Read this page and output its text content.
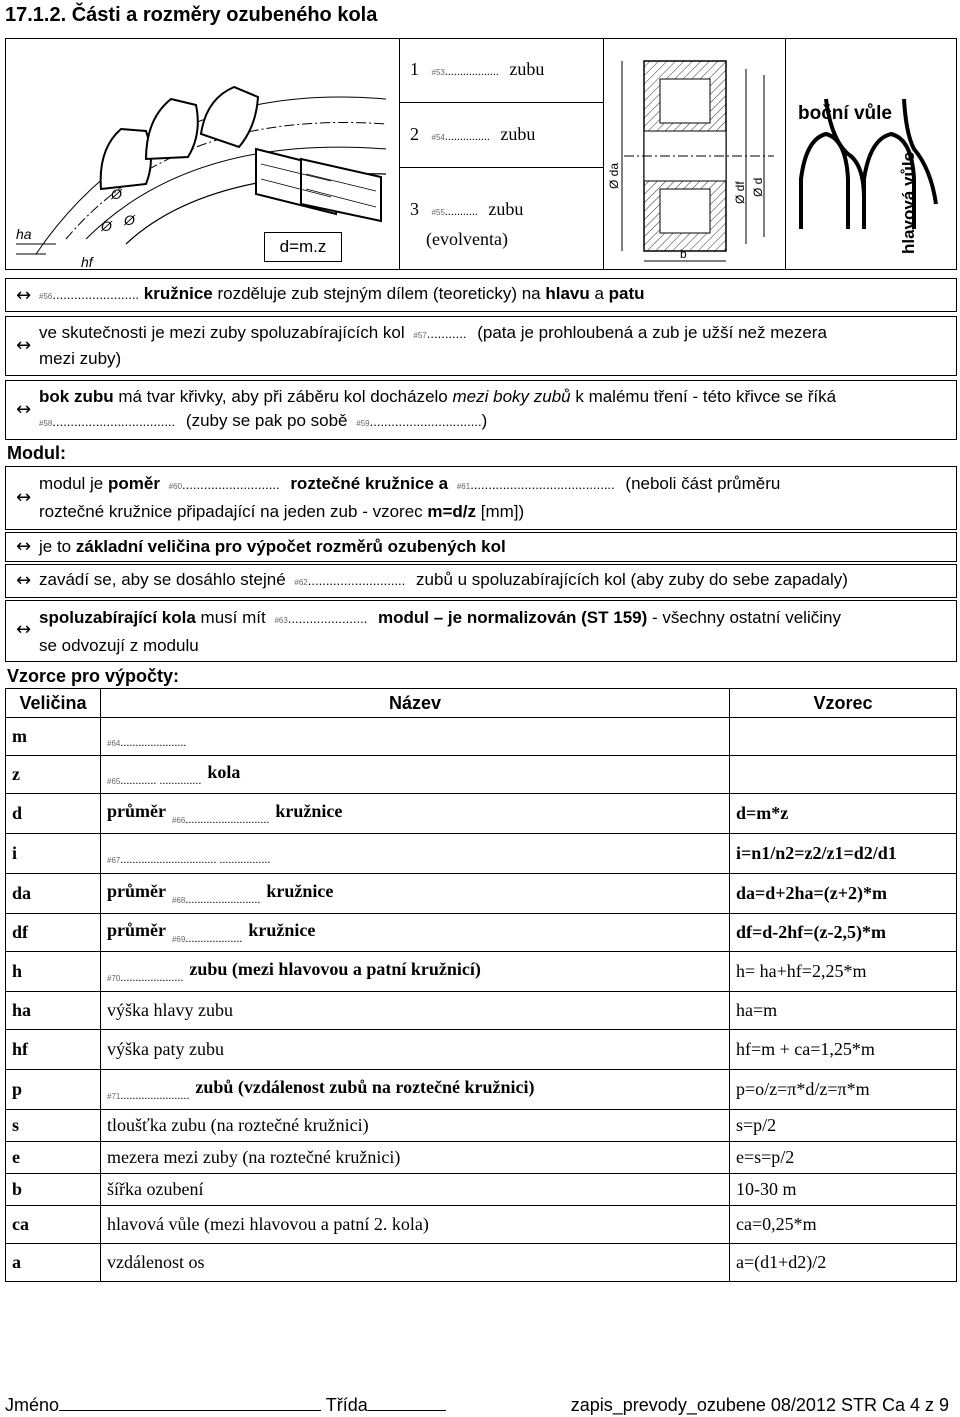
17.1.2. Části a rozměry ozubeného kola
ha
hf
Ø
Ø
Ø
d=m.z
1 #53.................. zubu
2 #54............... zubu
3 #55........... zubu
(evolventa)
Ø da
Ø df Ø d
b
boční vůle
hlavová vůle
↔ #56........................ kružnice rozděluje zub stejným dílem (teoreticky) na hlavu a patu
↔
ve skutečnosti je mezi zuby spoluzabírajících kol #57........... (pata je prohloubená a zub je užší než mezera
mezi zuby)
↔
bok zubu má tvar křivky, aby při záběru kol docházelo mezi boky zubů k malému tření - této křivce se říká
#58.................................. (zuby se pak po sobě #59...............................)
Modul:
↔
modul je poměr #60........................... roztečné kružnice a #61........................................ (neboli část průměru
roztečné kružnice připadající na jeden zub - vzorec m=d/z [mm])
↔ je to základní veličina pro výpočet rozměrů ozubených kol
↔ zavádí se, aby se dosáhlo stejné #62........................... zubů u spoluzabírajících kol (aby zuby do sebe zapadaly)
↔
spoluzabírající kola musí mít #63...................... modul – je normalizován (ST 159) - všechny ostatní veličiny
se odvozují z modulu
Vzorce pro výpočty:
Veličina	Název	Vzorec
m	$_{\#64......................}$	
z	$_{\#65............ ..............}$ kola	
d	průměr $_{\#66............................}$ kružnice	d=m*z
i	$_{\#67................................ .................}$	i=n1/n2=z2/z1=d2/d1
da	průměr $_{\#68.........................}$ kružnice	da=d+2ha=(z+2)*m
df	průměr $_{\#69...................}$ kružnice	df=d-2hf=(z-2,5)*m
h	$_{\#70.....................}$ zubu (mezi hlavovou a patní kružnicí)	h= ha+hf=2,25*m
ha	výška hlavy zubu	ha=m
hf	výška paty zubu	hf=m + ca=1,25*m
p	$_{\#71.......................}$ zubů (vzdálenost zubů na roztečné kružnici)	p=o/z=π*d/z=π*m
s	tloušťka zubu (na roztečné kružnici)	s=p/2
e	mezera mezi zuby (na roztečné kružnici)	e=s=p/2
b	šířka ozubení	10-30 m
ca	hlavová vůle (mezi hlavovou a patní 2. kola)	ca=0,25*m
a	vzdálenost os	a=(d1+d2)/2
Jméno	Třída	zapis_prevody_ozubene 08/2012 STR Ca 4 z 9
